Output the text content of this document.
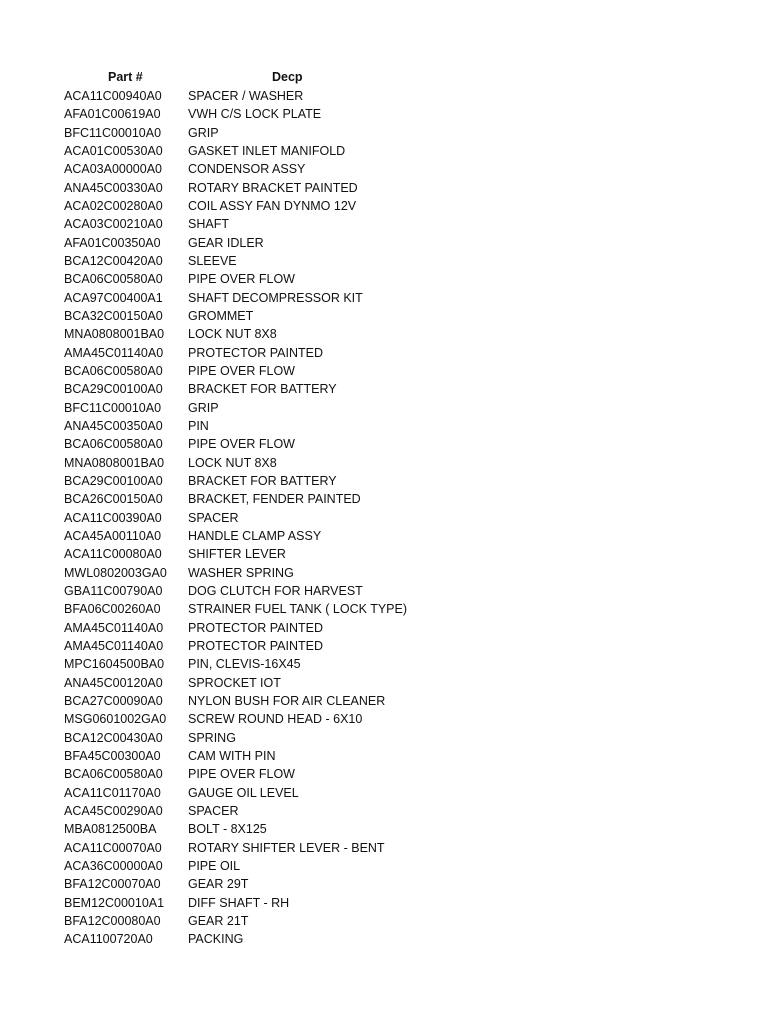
Part #	Decp
ACA11C00940A0 SPACER / WASHER
AFA01C00619A0 VWH C/S LOCK PLATE
BFC11C00010A0 GRIP
ACA01C00530A0 GASKET INLET MANIFOLD
ACA03A00000A0 CONDENSOR ASSY
ANA45C00330A0 ROTARY BRACKET PAINTED
ACA02C00280A0 COIL ASSY FAN DYNMO 12V
ACA03C00210A0 SHAFT
AFA01C00350A0 GEAR IDLER
BCA12C00420A0 SLEEVE
BCA06C00580A0 PIPE OVER FLOW
ACA97C00400A1 SHAFT DECOMPRESSOR KIT
BCA32C00150A0 GROMMET
MNA0808001BA0 LOCK NUT 8X8
AMA45C01140A0 PROTECTOR PAINTED
BCA06C00580A0 PIPE OVER FLOW
BCA29C00100A0 BRACKET FOR BATTERY
BFC11C00010A0 GRIP
ANA45C00350A0 PIN
BCA06C00580A0 PIPE OVER FLOW
MNA0808001BA0 LOCK NUT 8X8
BCA29C00100A0 BRACKET FOR BATTERY
BCA26C00150A0 BRACKET, FENDER PAINTED
ACA11C00390A0 SPACER
ACA45A00110A0 HANDLE CLAMP ASSY
ACA11C00080A0 SHIFTER LEVER
MWL0802003GA0 WASHER SPRING
GBA11C00790A0 DOG CLUTCH FOR HARVEST
BFA06C00260A0 STRAINER FUEL TANK ( LOCK TYPE)
AMA45C01140A0 PROTECTOR PAINTED
AMA45C01140A0 PROTECTOR PAINTED
MPC1604500BA0 PIN, CLEVIS-16X45
ANA45C00120A0 SPROCKET IOT
BCA27C00090A0 NYLON BUSH FOR AIR CLEANER
MSG0601002GA0 SCREW ROUND HEAD - 6X10
BCA12C00430A0 SPRING
BFA45C00300A0 CAM WITH PIN
BCA06C00580A0 PIPE OVER FLOW
ACA11C01170A0 GAUGE OIL LEVEL
ACA45C00290A0 SPACER
MBA0812500BA	BOLT - 8X125
ACA11C00070A0 ROTARY SHIFTER LEVER - BENT
ACA36C00000A0 PIPE OIL
BFA12C00070A0 GEAR 29T
BEM12C00010A1 DIFF SHAFT - RH
BFA12C00080A0 GEAR 21T
ACA1100720A0	PACKING
